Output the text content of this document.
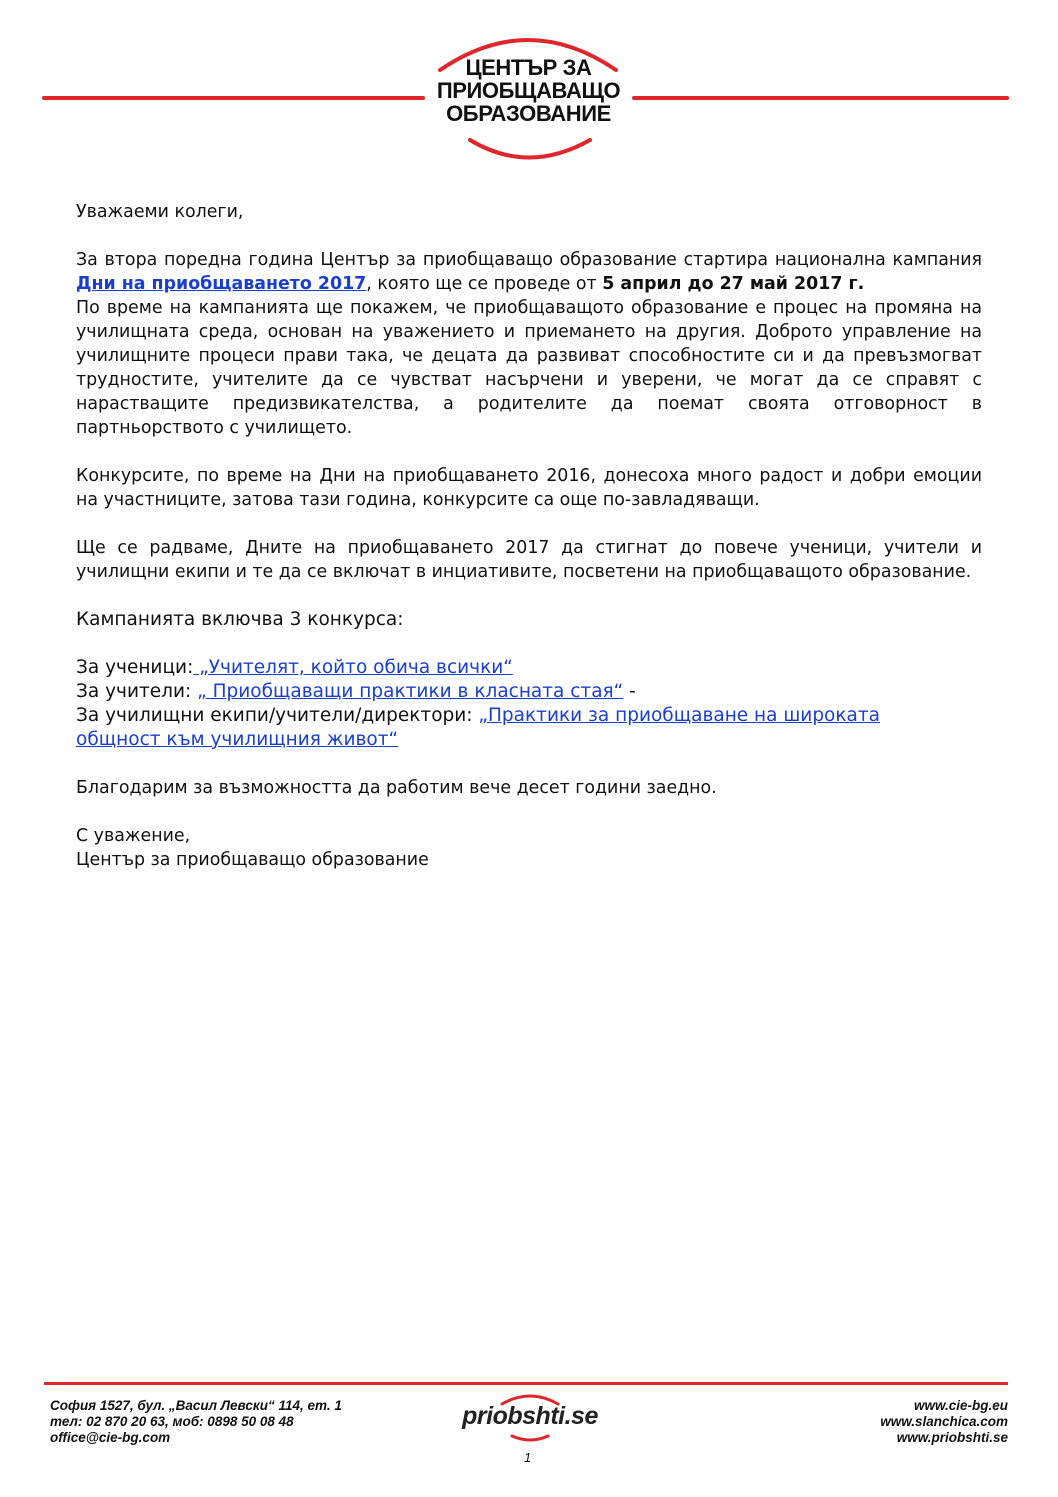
ЦЕНТЪР ЗА
ПРИОБЩАВАЩО
ОБРАЗОВАНИЕ

Уважаеми колеги,

За втора поредна година Център за приобщаващо образование стартира национална кампания Дни на приобщаването 2017, която ще се проведе от 5 април до 27 май 2017 г.

По време на кампанията ще покажем, че приобщаващото образование е процес на промяна на училищната среда, основан на уважението и приемането на другия. Доброто управление на училищните процеси прави така, че децата да развиват способностите си и да превъзмогват трудностите, учителите да се чувстват насърчени и уверени, че могат да се справят с нарастващите предизвикателства, а родителите да поемат своята отговорност в партньорството с училището.

Конкурсите, по време на Дни на приобщаването 2016, донесоха много радост и добри емоции на участниците, затова тази година, конкурсите са още по-завладяващи.

Ще се радваме, Дните на приобщаването 2017 да стигнат до повече ученици, учители и училищни екипи и те да се включат в инциативите, посветени на приобщаващото образование.

Кампанията включва 3 конкурса:

За ученици: „Учителят, който обича всички“
За учители: „ Приобщаващи практики в класната стая“ -
За училищни екипи/учители/директори: „Практики за приобщаване на широката общност към училищния живот“

Благодарим за възможността да работим вече десет години заедно.

С уважение,

Център за приобщаващо образование

София 1527, бул. „Васил Левски“ 114, ет. 1
тел: 02 870 20 63, моб: 0898 50 08 48
office@cie-bg.com
priobshti.se	www.cie-bg.eu
www.slanchica.com
www.priobshti.se
1
